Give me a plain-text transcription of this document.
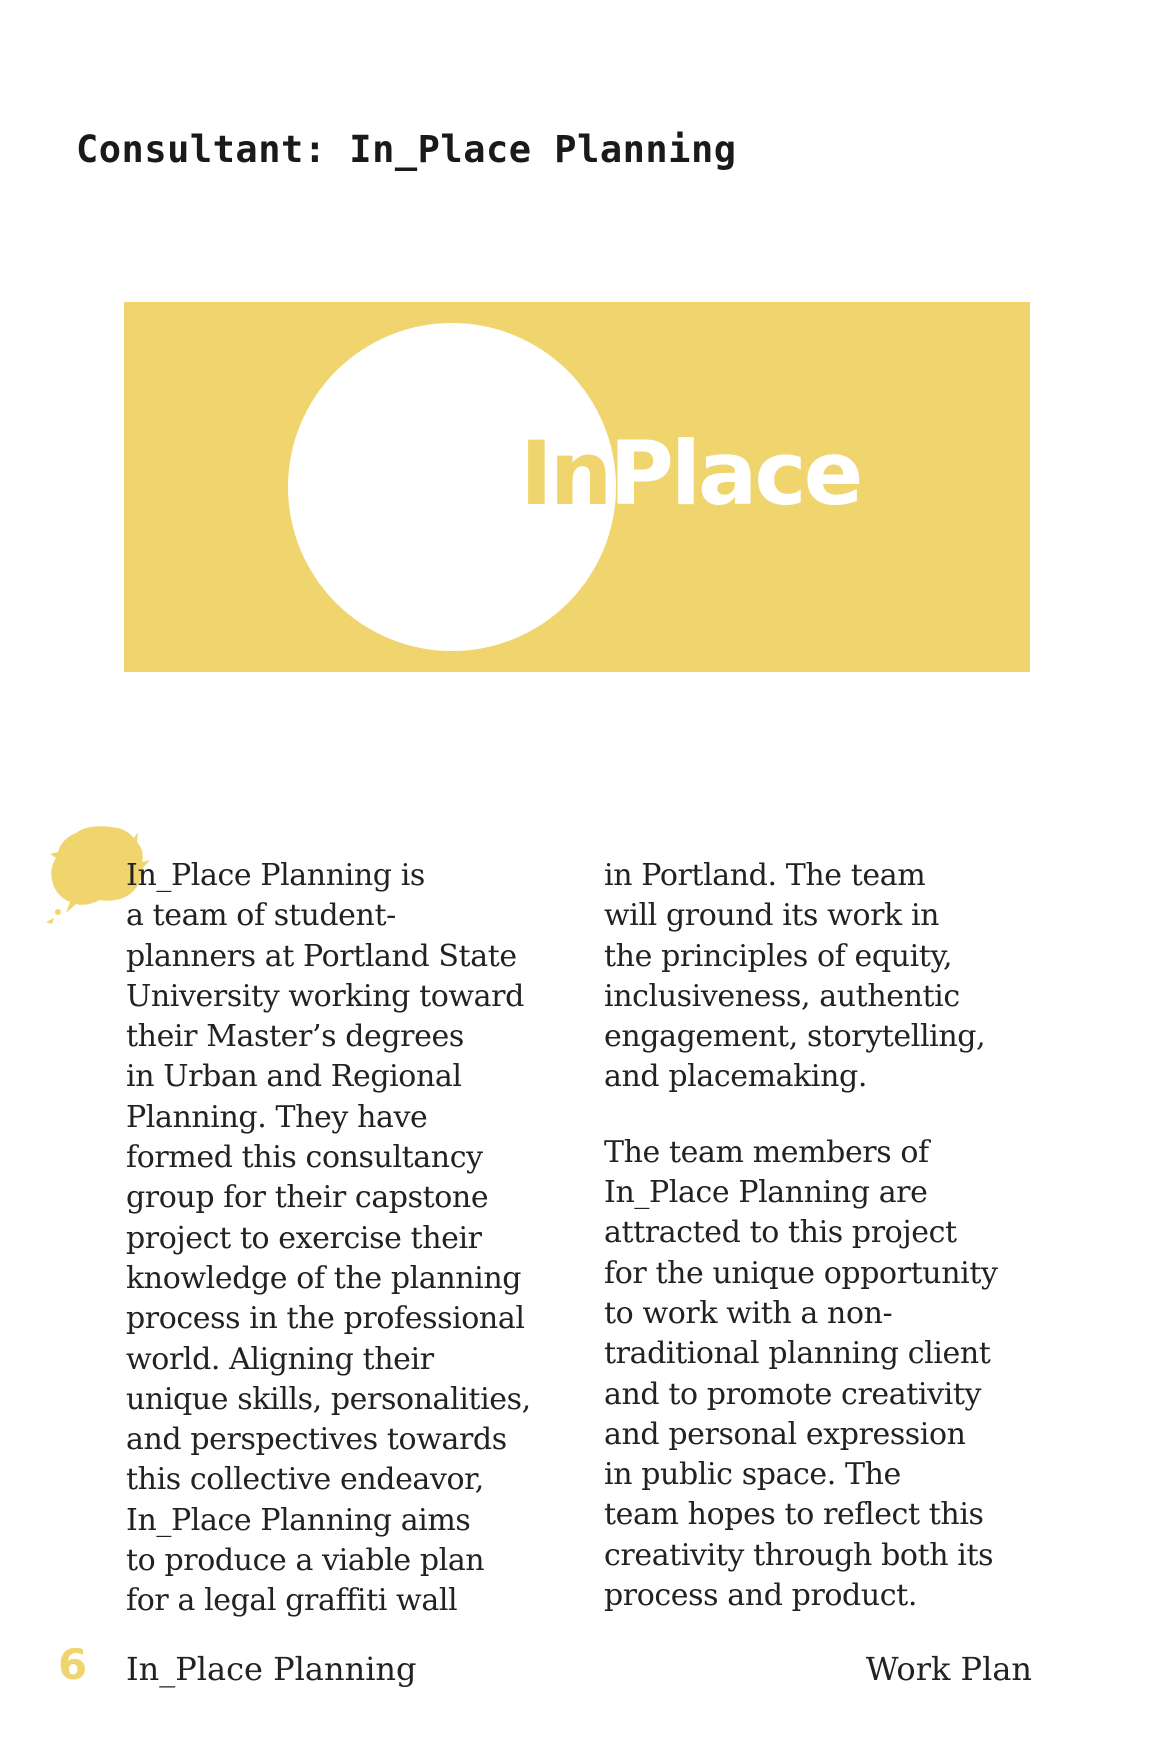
Consultant: In_Place Planning
InPlace

In_Place Planning is
a team of student-
planners at Portland State
University working toward
their Master’s degrees
in Urban and Regional
Planning. They have
formed this consultancy
group for their capstone
project to exercise their
knowledge of the planning
process in the professional
world. Aligning their
unique skills, personalities,
and perspectives towards
this collective endeavor,
In_Place Planning aims
to produce a viable plan
for a legal graffiti wall

in Portland. The team
will ground its work in
the principles of equity,
inclusiveness, authentic
engagement, storytelling,
and placemaking.

The team members of
In_Place Planning are
attracted to this project
for the unique opportunity
to work with a non-
traditional planning client
and to promote creativity
and personal expression
in public space. The
team hopes to reflect this
creativity through both its
process and product.

6 In_Place Planning	Work Plan
